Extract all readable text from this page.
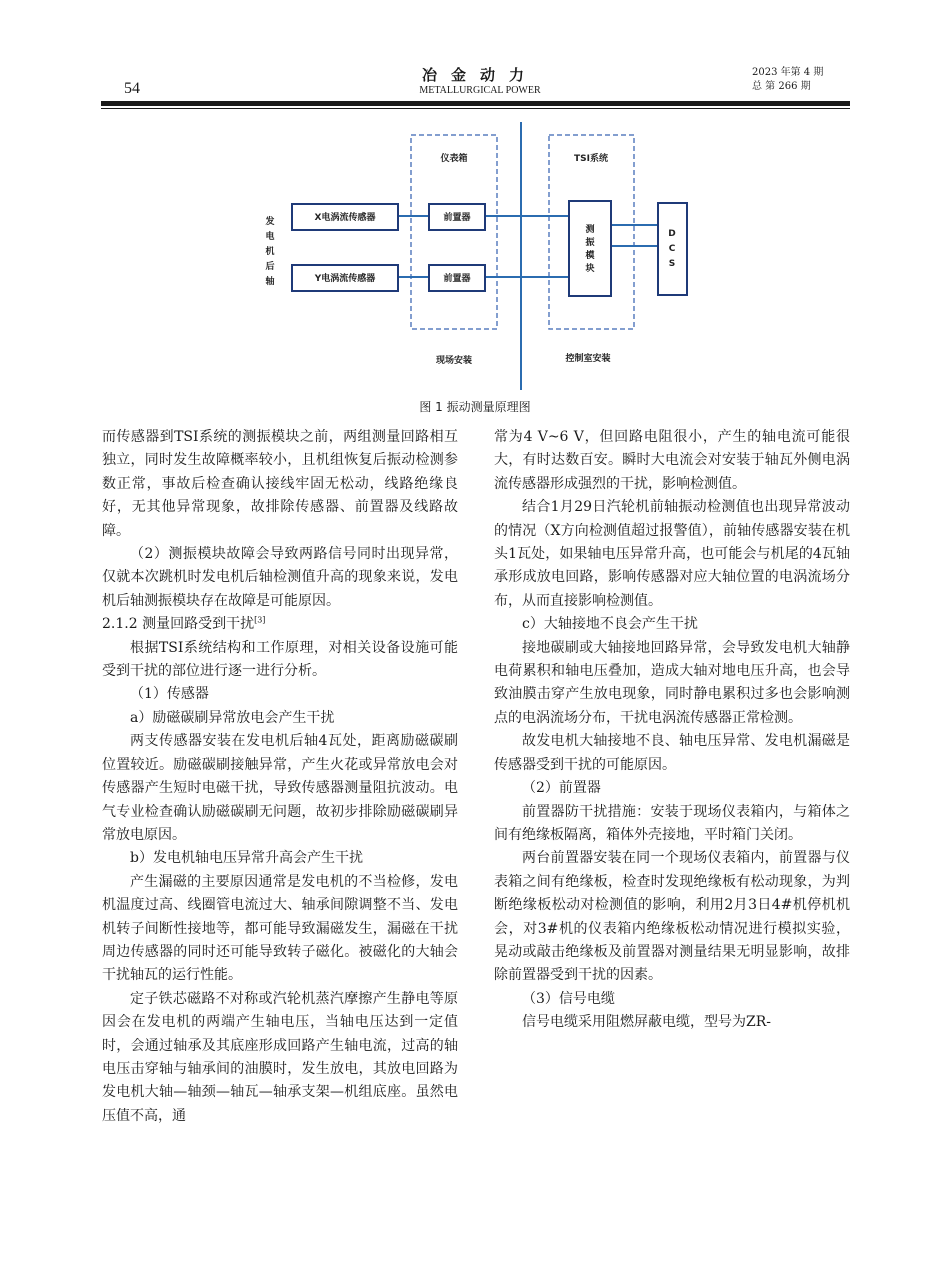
54
冶金动力
METALLURGICAL POWER
2023 年第 4 期
总 第 266 期
仪表箱	TSI系统
X电涡流传感器
Y电涡流传感器
前置器
前置器
测
振
模
块
D
C
S
发
电
机
后
轴
现场安装	控制室安装
图 1 振动测量原理图

而传感器到TSI系统的测振模块之前，两组测量回路相互独立，同时发生故障概率较小，且机组恢复后振动检测参数正常，事故后检查确认接线牢固无松动，线路绝缘良好，无其他异常现象，故排除传感器、前置器及线路故障。

（2）测振模块故障会导致两路信号同时出现异常，仅就本次跳机时发电机后轴检测值升高的现象来说，发电机后轴测振模块存在故障是可能原因。

2.1.2 测量回路受到干扰[3]

根据TSI系统结构和工作原理，对相关设备设施可能受到干扰的部位进行逐一进行分析。

（1）传感器

a）励磁碳刷异常放电会产生干扰

两支传感器安装在发电机后轴4瓦处，距离励磁碳刷位置较近。励磁碳刷接触异常，产生火花或异常放电会对传感器产生短时电磁干扰，导致传感器测量阻抗波动。电气专业检查确认励磁碳刷无问题，故初步排除励磁碳刷异常放电原因。

b）发电机轴电压异常升高会产生干扰

产生漏磁的主要原因通常是发电机的不当检修，发电机温度过高、线圈管电流过大、轴承间隙调整不当、发电机转子间断性接地等，都可能导致漏磁发生，漏磁在干扰周边传感器的同时还可能导致转子磁化。被磁化的大轴会干扰轴瓦的运行性能。

定子铁芯磁路不对称或汽轮机蒸汽摩擦产生静电等原因会在发电机的两端产生轴电压，当轴电压达到一定值时，会通过轴承及其底座形成回路产生轴电流，过高的轴电压击穿轴与轴承间的油膜时，发生放电，其放电回路为发电机大轴—轴颈—轴瓦—轴承支架—机组底座。虽然电压值不高，通

常为4 V~6 V，但回路电阻很小，产生的轴电流可能很大，有时达数百安。瞬时大电流会对安装于轴瓦外侧电涡流传感器形成强烈的干扰，影响检测值。

结合1月29日汽轮机前轴振动检测值也出现异常波动的情况（X方向检测值超过报警值），前轴传感器安装在机头1瓦处，如果轴电压异常升高，也可能会与机尾的4瓦轴承形成放电回路，影响传感器对应大轴位置的电涡流场分布，从而直接影响检测值。

c）大轴接地不良会产生干扰

接地碳刷或大轴接地回路异常，会导致发电机大轴静电荷累积和轴电压叠加，造成大轴对地电压升高，也会导致油膜击穿产生放电现象，同时静电累积过多也会影响测点的电涡流场分布，干扰电涡流传感器正常检测。

故发电机大轴接地不良、轴电压异常、发电机漏磁是传感器受到干扰的可能原因。

（2）前置器

前置器防干扰措施：安装于现场仪表箱内，与箱体之间有绝缘板隔离，箱体外壳接地，平时箱门关闭。

两台前置器安装在同一个现场仪表箱内，前置器与仪表箱之间有绝缘板，检查时发现绝缘板有松动现象，为判断绝缘板松动对检测值的影响，利用2月3日4#机停机机会，对3#机的仪表箱内绝缘板松动情况进行模拟实验，晃动或敲击绝缘板及前置器对测量结果无明显影响，故排除前置器受到干扰的因素。

（3）信号电缆

信号电缆采用阻燃屏蔽电缆，型号为ZR-
